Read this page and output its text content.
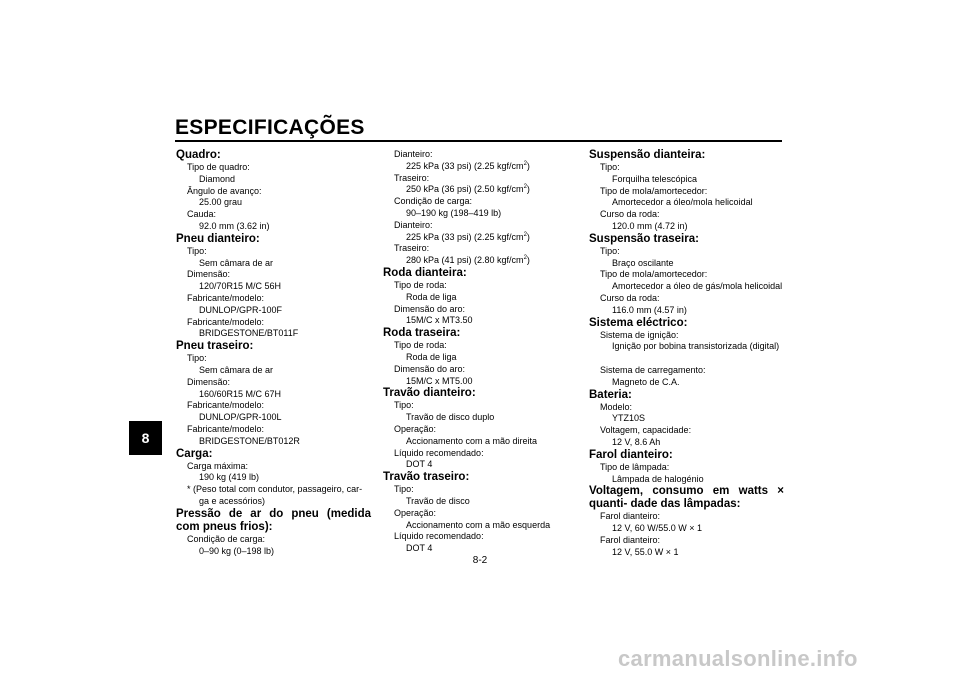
ESPECIFICAÇÕES
8
Quadro:
Tipo de quadro:
Diamond
Ângulo de avanço:
25.00 grau
Cauda:
92.0 mm (3.62 in)
Pneu dianteiro:
Tipo:
Sem câmara de ar
Dimensão:
120/70R15 M/C 56H
Fabricante/modelo:
DUNLOP/GPR-100F
Fabricante/modelo:
BRIDGESTONE/BT011F
Pneu traseiro:
Tipo:
Sem câmara de ar
Dimensão:
160/60R15 M/C 67H
Fabricante/modelo:
DUNLOP/GPR-100L
Fabricante/modelo:
BRIDGESTONE/BT012R
Carga:
Carga máxima:
190 kg (419 lb)
* (Peso total com condutor, passageiro, car-
ga e acessórios)
Pressão de ar do pneu (medida com pneus frios):
Condição de carga:
0–90 kg (0–198 lb)
Dianteiro:
225 kPa (33 psi) (2.25 kgf/$cm^2$)
Traseiro:
250 kPa (36 psi) (2.50 kgf/$cm^2$)
Condição de carga:
90–190 kg (198–419 lb)
Dianteiro:
225 kPa (33 psi) (2.25 kgf/$cm^2$)
Traseiro:
280 kPa (41 psi) (2.80 kgf/$cm^2$)
Roda dianteira:
Tipo de roda:
Roda de liga
Dimensão do aro:
15M/C x MT3.50
Roda traseira:
Tipo de roda:
Roda de liga
Dimensão do aro:
15M/C x MT5.00
Travão dianteiro:
Tipo:
Travão de disco duplo
Operação:
Accionamento com a mão direita
Líquido recomendado:
DOT 4
Travão traseiro:
Tipo:
Travão de disco
Operação:
Accionamento com a mão esquerda
Líquido recomendado:
DOT 4
Suspensão dianteira:
Tipo:
Forquilha telescópica
Tipo de mola/amortecedor:
Amortecedor a óleo/mola helicoidal
Curso da roda:
120.0 mm (4.72 in)
Suspensão traseira:
Tipo:
Braço oscilante
Tipo de mola/amortecedor:
Amortecedor a óleo de gás/mola helicoidal
Curso da roda:
116.0 mm (4.57 in)
Sistema eléctrico:
Sistema de ignição:
Ignição por bobina transistorizada (digital)
Sistema de carregamento:
Magneto de C.A.
Bateria:
Modelo:
YTZ10S
Voltagem, capacidade:
12 V, 8.6 Ah
Farol dianteiro:
Tipo de lâmpada:
Lâmpada de halogénio
Voltagem, consumo em watts × quanti- dade das lâmpadas:
Farol dianteiro:
12 V, 60 W/55.0 W × 1
Farol dianteiro:
12 V, 55.0 W × 1
8-2
carmanualsonline.info
